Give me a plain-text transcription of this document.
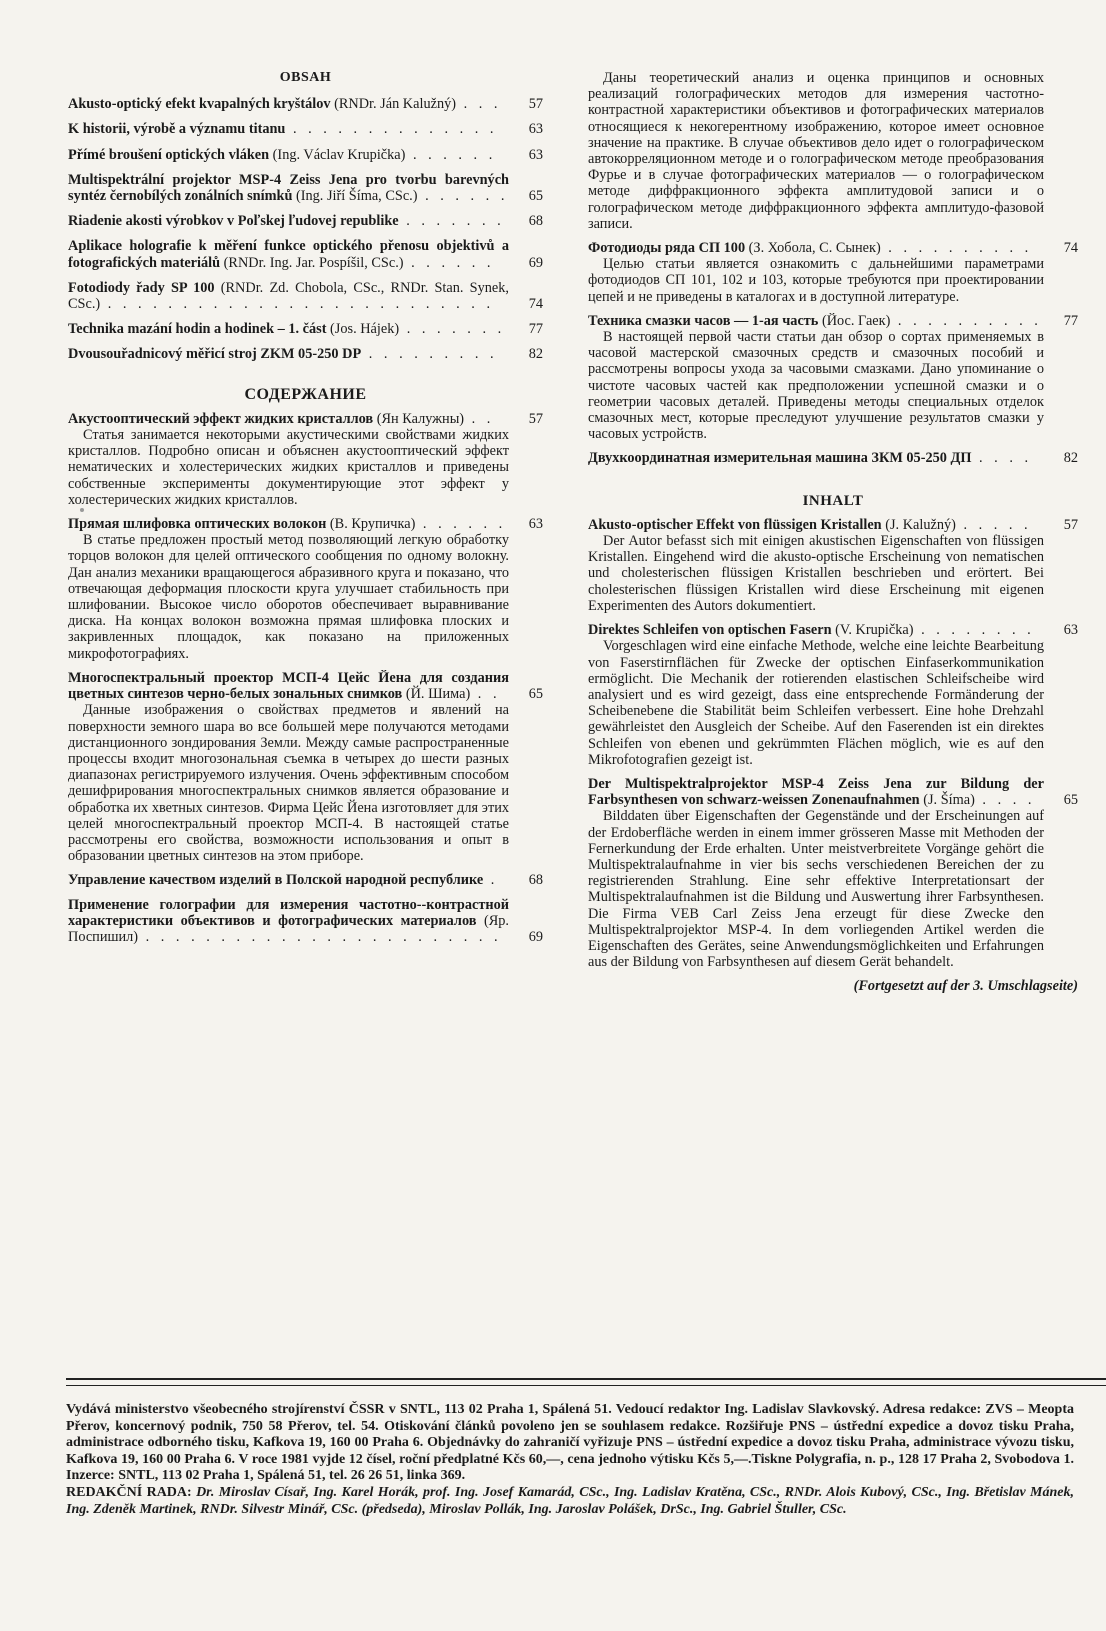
OBSAH
Akusto-optický efekt kvapalných kryštálov (RNDr. Ján Kalužný) . . .	57
K historii, výrobě a významu titanu . . . . . . . . . . . . . .	63
Přímé broušení optických vláken (Ing. Václav Krupička) . . . . . .	63
Multispektrální projektor MSP-4 Zeiss Jena pro tvorbu barevných syntéz černobílých zonálních snímků (Ing. Jiří Šíma, CSc.) . . . . . .	65
Riadenie akosti výrobkov v Poľskej ľudovej republike . . . . . . .	68
Aplikace holografie k měření funkce optického přenosu objektivů a fotografických materiálů (RNDr. Ing. Jar. Pospíšil, CSc.) . . . . . .	69
Fotodiody řady SP 100 (RNDr. Zd. Chobola, CSc., RNDr. Stan. Synek, CSc.) . . . . . . . . . . . . . . . . . . . . . . . . . .	74
Technika mazání hodin a hodinek – 1. část (Jos. Hájek) . . . . . . .	77
Dvousouřadnicový měřicí stroj ZKM 05-250 DP . . . . . . . . .	82
СОДЕРЖАНИЕ
Акустооптический эффект жидких кристаллов (Ян Калужны) . .	57
Статья занимается некоторыми акустическими свойствами жидких кристаллов. Подробно описан и объяснен акустооптический эффект нематических и холестерических жидких кристаллов и приведены собственные эксперименты документирующие этот эффект у холестерических жидких кристаллов.
Прямая шлифовка оптических волокон (В. Крупичка) . . . . . .	63
В статье предложен простый метод позволяющий легкую обработку торцов волокон для целей оптического сообщения по одному волокну. Дан анализ механики вращающегося абразивного круга и показано, что отвечающая деформация плоскости круга улучшает стабильность при шлифовании. Высокое число оборотов обеспечивает выравнивание диска. На концах волокон возможна прямая шлифовка плоских и закривленных площадок, как показано на приложенных микрофотографиях.
Многоспектральный проектор МСП-4 Цейс Йена для создания цветных синтезов черно-белых зональных снимков (Й. Шима) . .	65
Данные изображения о свойствах предметов и явлений на поверхности земного шара во все большей мере получаются методами дистанционного зондирования Земли. Между самые распространенные процессы входит многозональная съемка в четырех до шести разных диапазонах регистрируемого излучения. Очень эффективным способом дешифрирования многоспектральных снимков является образование и обработка их хветных синтезов. Фирма Цейс Йена изготовляет для этих целей многоспектральный проектор МСП-4. В настоящей статье рассмотрены его свойства, возможности использования и опыт в образовании цветных синтезов на этом приборе.
Управление качеством изделий в Полской народной республике .	68
Применение голографии для измерения частотно--контрастной характеристики объективов и фотографических материалов (Яр. Поспишил) . . . . . . . . . . . . . . . . . . . . . . . .	69
Даны теоретический анализ и оценка принципов и основных реализаций голографических методов для измерения частотно-контрастной характеристики объективов и фотографических материалов относящиеся к некогерентному изображению, которое имеет основное значение на практике. В случае объективов дело идет о голографическом автокорреляционном методе и о голографическом методе преобразования Фурье и в случае фотографических материалов — о голографическом методе диффракционного эффекта амплитудовой записи и о голографическом методе диффракционного эффекта амплитудо-фазовой записи.
Фотодиоды ряда СП 100 (З. Хобола, С. Сынек) . . . . . . . . . .	74
Целью статьи является ознакомить с дальнейшими параметрами фотодиодов СП 101, 102 и 103, которые требуются при проектировании цепей и не приведены в каталогах и в доступной литературе.
Техника смазки часов — 1-ая часть (Йос. Гаек) . . . . . . . . . .	77
В настоящей первой части статьи дан обзор о сортах применяемых в часовой мастерской смазочных средств и смазочных пособий и рассмотрены вопросы ухода за часовыми смазками. Дано упоминание о чистоте часовых частей как предположении успешной смазки и о геометрии часовых деталей. Приведены методы специальных отделок смазочных мест, которые преследуют улучшение результатов смазки у часовых устройств.
Двухкоординатная измерительная машина ЗКМ 05-250 ДП . . . .	82
INHALT
Akusto-optischer Effekt von flüssigen Kristallen (J. Kalužný) . . . . .	57
Der Autor befasst sich mit einigen akustischen Eigenschaften von flüssigen Kristallen. Eingehend wird die akusto-optische Erscheinung von nematischen und cholesterischen flüssigen Kristallen beschrieben und erörtert. Bei cholesterischen flüssigen Kristallen wird diese Erscheinung mit eigenen Experimenten des Autors dokumentiert.
Direktes Schleifen von optischen Fasern (V. Krupička) . . . . . . . .	63
Vorgeschlagen wird eine einfache Methode, welche eine leichte Bearbeitung von Faserstirnflächen für Zwecke der optischen Einfaserkommunikation ermöglicht. Die Mechanik der rotierenden elastischen Schleifscheibe wird analysiert und es wird gezeigt, dass eine entsprechende Formänderung der Scheibenebene die Stabilität beim Schleifen verbessert. Eine hohe Drehzahl gewährleistet den Ausgleich der Scheibe. Auf den Faserenden ist ein direktes Schleifen von ebenen und gekrümmten Flächen möglich, wie es auf den Mikrofotografien gezeigt ist.
Der Multispektralprojektor MSP-4 Zeiss Jena zur Bildung der Farbsynthesen von schwarz-weissen Zonenaufnahmen (J. Šíma) . . . .	65
Bilddaten über Eigenschaften der Gegenstände und der Erscheinungen auf der Erdoberfläche werden in einem immer grösseren Masse mit Methoden der Fernerkundung der Erde erhalten. Unter meistverbreitete Vorgänge gehört die Multispektralaufnahme in vier bis sechs verschiedenen Bereichen der zu registrierenden Strahlung. Eine sehr effektive Interpretationsart der Multispektralaufnahmen ist die Bildung und Auswertung ihrer Farbsynthesen. Die Firma VEB Carl Zeiss Jena erzeugt für diese Zwecke den Multispektralprojektor MSP-4. In dem vorliegenden Artikel werden die Eigenschaften des Gerätes, seine Anwendungsmöglichkeiten und Erfahrungen aus der Bildung von Farbsynthesen auf diesem Gerät behandelt.
(Fortgesetzt auf der 3. Umschlagseite)
Vydává ministerstvo všeobecného strojírenství ČSSR v SNTL, 113 02 Praha 1, Spálená 51. Vedoucí redaktor Ing. Ladislav Slavkovský. Adresa redakce: ZVS – Meopta Přerov, koncernový podnik, 750 58 Přerov, tel. 54. Otiskování článků povoleno jen se souhlasem redakce. Rozšiřuje PNS – ústřední expedice a dovoz tisku Praha, administrace odborného tisku, Kafkova 19, 160 00 Praha 6. Objednávky do zahraničí vyřizuje PNS – ústřední expedice a dovoz tisku Praha, administrace vývozu tisku, Kafkova 19, 160 00 Praha 6. V roce 1981 vyjde 12 čísel, roční předplatné Kčs 60,—, cena jednoho výtisku Kčs 5,—.Tiskne Polygrafia, n. p., 128 17 Praha 2, Svobodova 1. Inzerce: SNTL, 113 02 Praha 1, Spálená 51, tel. 26 26 51, linka 369.
REDAKČNÍ RADA: Dr. Miroslav Císař, Ing. Karel Horák, prof. Ing. Josef Kamarád, CSc., Ing. Ladislav Kratěna, CSc., RNDr. Alois Kubový, CSc., Ing. Břetislav Mánek, Ing. Zdeněk Martinek, RNDr. Silvestr Minář, CSc. (předseda), Miroslav Pollák, Ing. Jaroslav Polášek, DrSc., Ing. Gabriel Štuller, CSc.
